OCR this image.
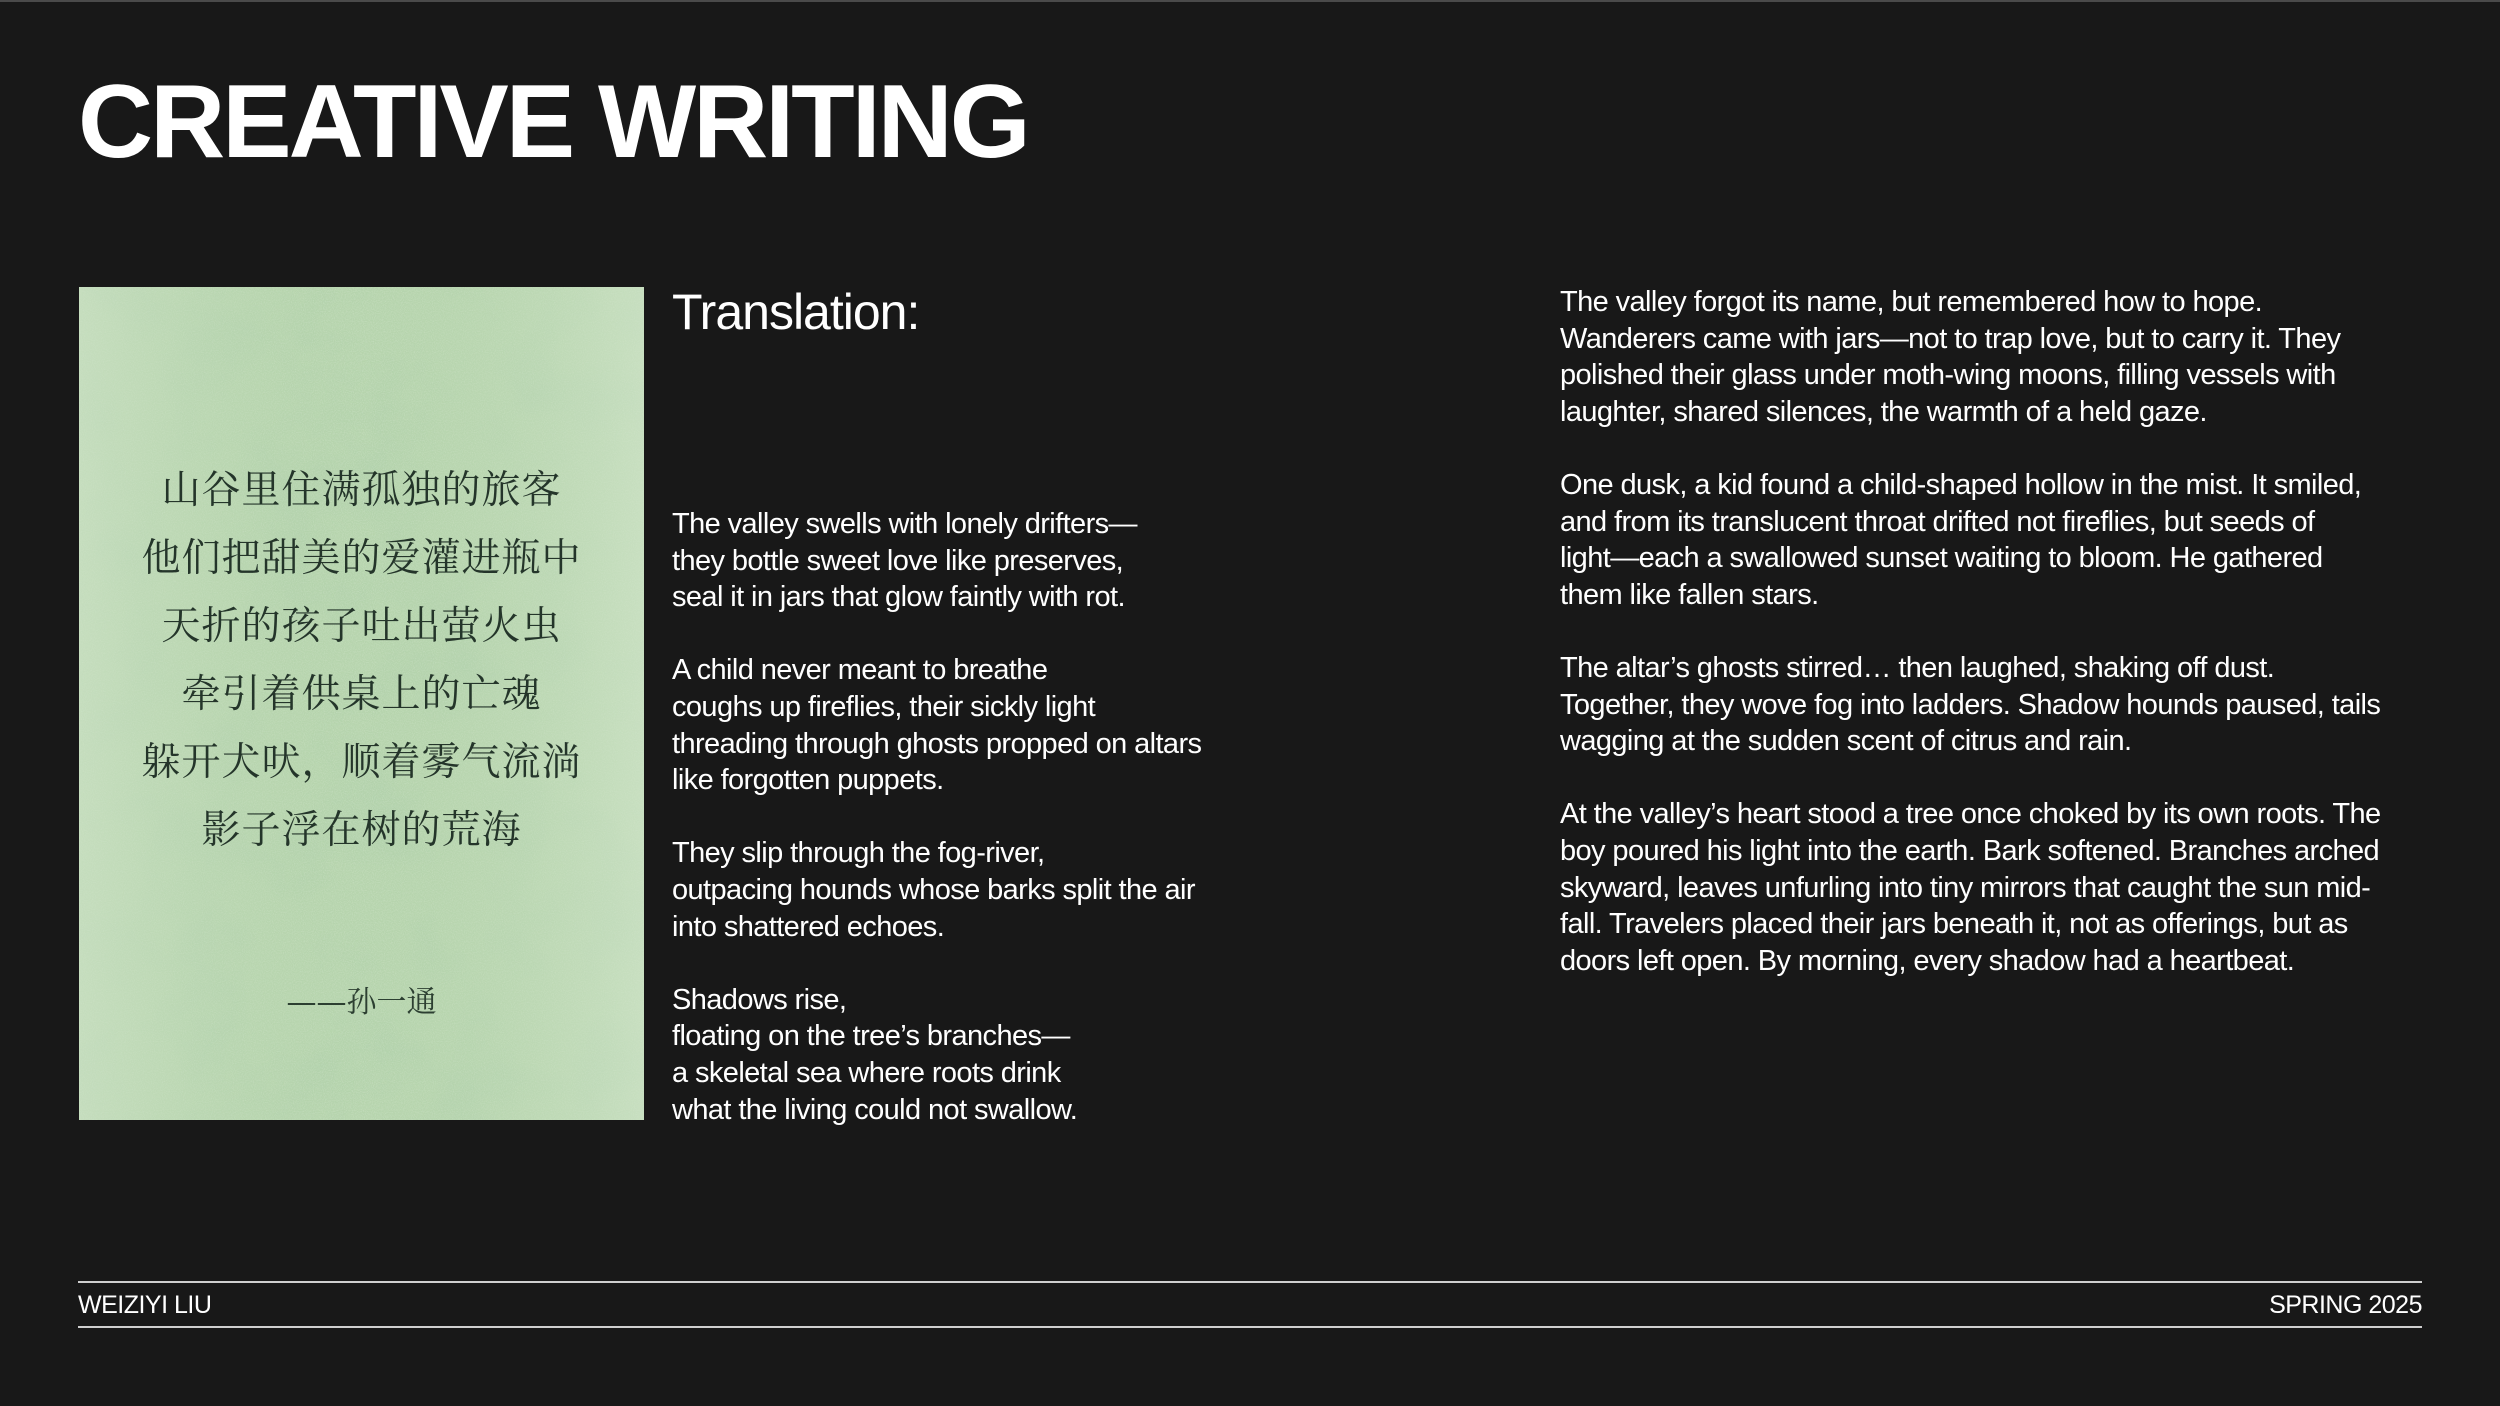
CREATIVE WRITING
山谷里住满孤独的旅客
他们把甜美的爱灌进瓶中
天折的孩子吐出萤火虫
牵引着供桌上的亡魂
躲开犬吠，顺着雾气流淌
影子浮在树的荒海
——孙一通
Translation:
The valley swells with lonely drifters—
they bottle sweet love like preserves,
seal it in jars that glow faintly with rot.
A child never meant to breathe
coughs up fireflies, their sickly light
threading through ghosts propped on altars
like forgotten puppets.
They slip through the fog-river,
outpacing hounds whose barks split the air
into shattered echoes.
Shadows rise,
floating on the tree’s branches—
a skeletal sea where roots drink
what the living could not swallow.
The valley forgot its name, but remembered how to hope.
Wanderers came with jars—not to trap love, but to carry it. They
polished their glass under moth-wing moons, filling vessels with
laughter, shared silences, the warmth of a held gaze.
One dusk, a kid found a child-shaped hollow in the mist. It smiled,
and from its translucent throat drifted not fireflies, but seeds of
light—each a swallowed sunset waiting to bloom. He gathered
them like fallen stars.
The altar’s ghosts stirred… then laughed, shaking off dust.
Together, they wove fog into ladders. Shadow hounds paused, tails
wagging at the sudden scent of citrus and rain.
At the valley’s heart stood a tree once choked by its own roots. The
boy poured his light into the earth. Bark softened. Branches arched
skyward, leaves unfurling into tiny mirrors that caught the sun mid-
fall. Travelers placed their jars beneath it, not as offerings, but as
doors left open. By morning, every shadow had a heartbeat.
WEIZIYI LIU	SPRING 2025
